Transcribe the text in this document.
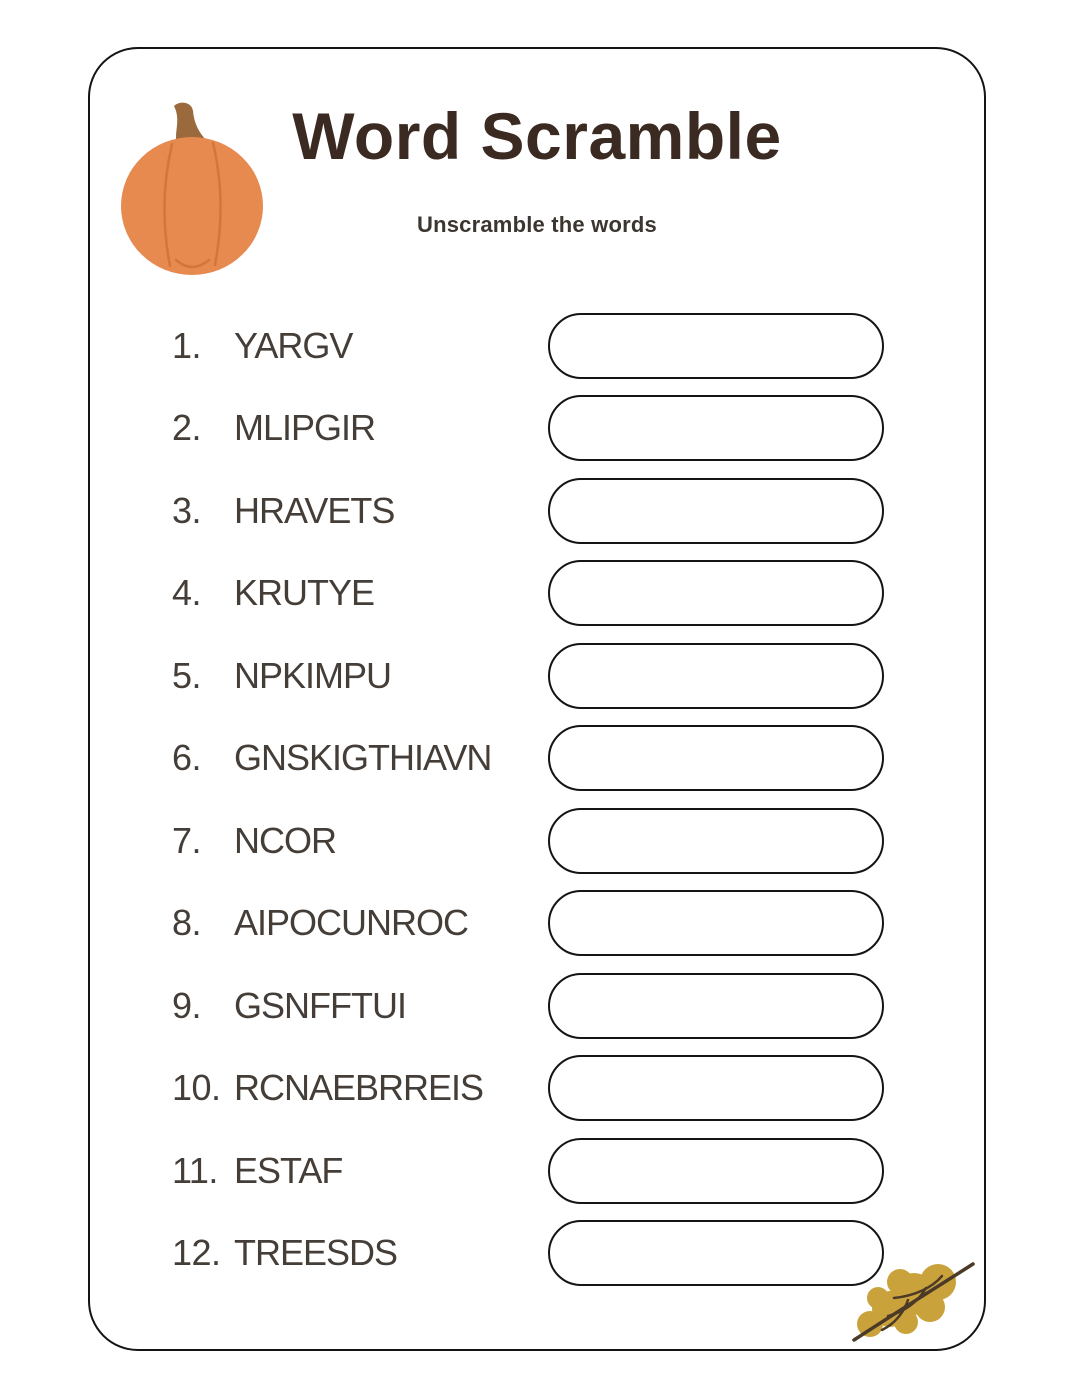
Word Scramble
Unscramble the words
1. YARGV
2. MLIPGIR
3. HRAVETS
4. KRUTYE
5. NPKIMPU
6. GNSKIGTHIAVN
7. NCOR
8. AIPOCUNROC
9. GSNFFTUI
10. RCNAEBRREIS
11. ESTAF
12. TREESDS
